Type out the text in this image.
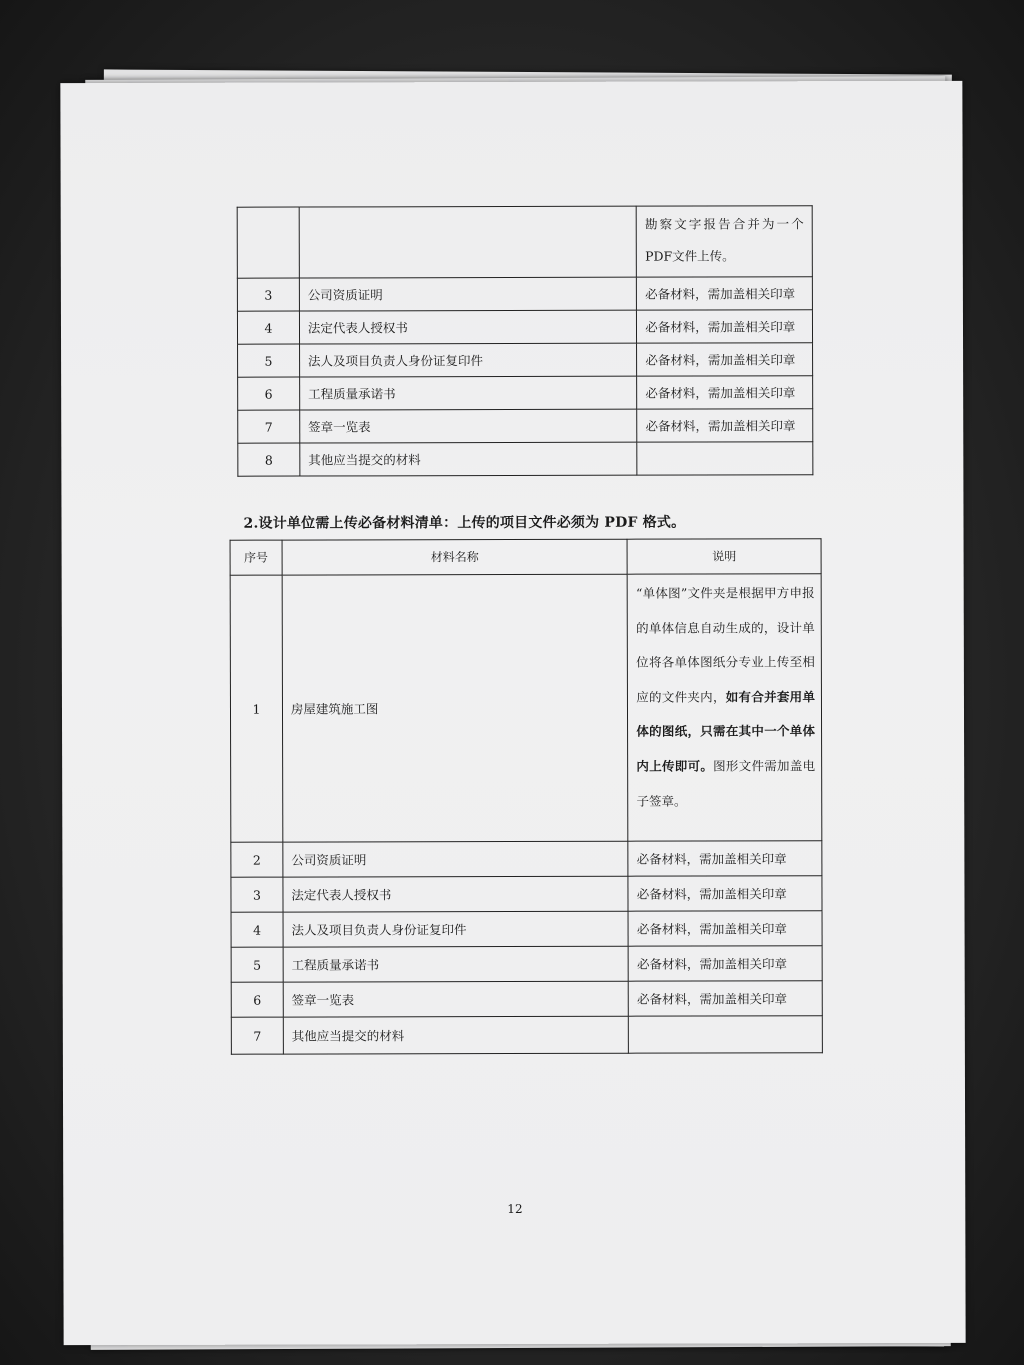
		勘察文字报告合并为一个PDF文件上传。

3	公司资质证明	必备材料，需加盖相关印章
4	法定代表人授权书	必备材料，需加盖相关印章
5	法人及项目负责人身份证复印件	必备材料，需加盖相关印章
6	工程质量承诺书	必备材料，需加盖相关印章
7	签章一览表	必备材料，需加盖相关印章
8	其他应当提交的材料	
2.设计单位需上传必备材料清单：上传的项目文件必须为 PDF 格式。
序号	材料名称	说明
1	房屋建筑施工图	“单体图”文件夹是根据甲方申报的单体信息自动生成的，设计单位将各单体图纸分专业上传至相应的文件夹内，如有合并套用单体的图纸，只需在其中一个单体内上传即可。图形文件需加盖电子签章。

2	公司资质证明	必备材料，需加盖相关印章
3	法定代表人授权书	必备材料，需加盖相关印章
4	法人及项目负责人身份证复印件	必备材料，需加盖相关印章
5	工程质量承诺书	必备材料，需加盖相关印章
6	签章一览表	必备材料，需加盖相关印章
7	其他应当提交的材料	
12
